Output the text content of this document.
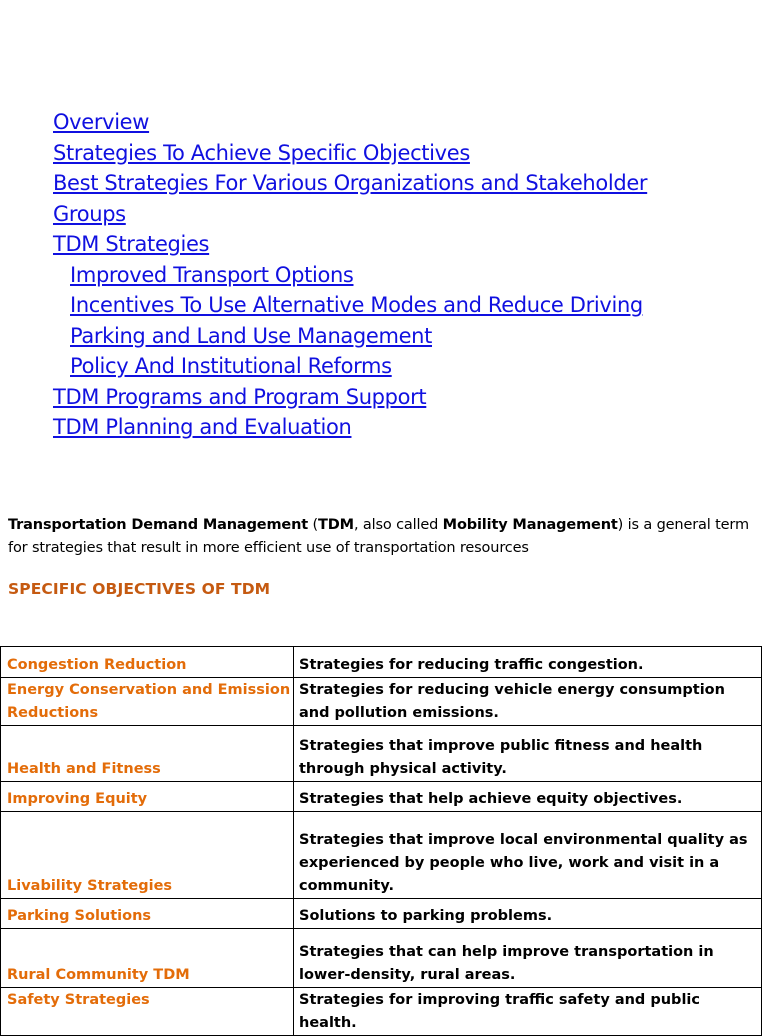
Overview
Strategies To Achieve Specific Objectives
Best Strategies For Various Organizations and Stakeholder
Groups
TDM Strategies
Improved Transport Options
Incentives To Use Alternative Modes and Reduce Driving
Parking and Land Use Management
Policy And Institutional Reforms
TDM Programs and Program Support
TDM Planning and Evaluation

Transportation Demand Management (TDM, also called Mobility Management) is a general term for strategies that result in more efficient use of transportation resources

SPECIFIC OBJECTIVES OF TDM
Congestion Reduction	Strategies for reducing traffic congestion.
Energy Conservation and Emission Reductions	Strategies for reducing vehicle energy consumption and pollution emissions.
Health and Fitness	Strategies that improve public fitness and health through physical activity.
Improving Equity	Strategies that help achieve equity objectives.
Livability Strategies	Strategies that improve local environmental quality as experienced by people who live, work and visit in a community.
Parking Solutions	Solutions to parking problems.
Rural Community TDM	Strategies that can help improve transportation in lower-density, rural areas.
Safety Strategies	Strategies for improving traffic safety and public health.
